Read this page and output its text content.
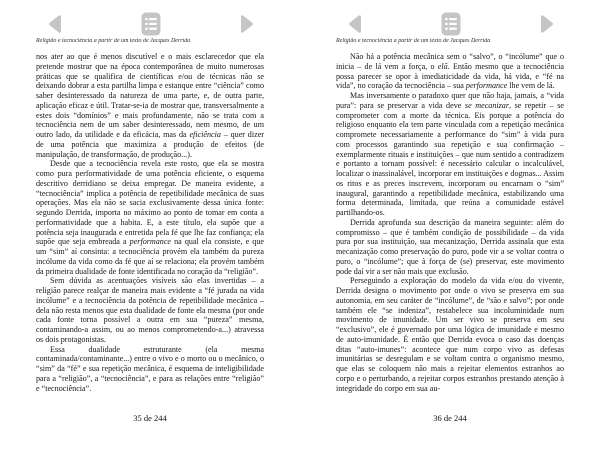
Religião e tecnociência a partir de um texto de Jacques Derrida

nos ater ao que é menos discutível e o mais esclarecedor que ela pretende mostrar que na época contemporânea de muito numerosas práticas que se qualifica de científicas e/ou de técnicas não se deixando dobrar a esta partilha limpa e estanque entre “ciência” como saber desinteressado da natureza de uma parte, e, de outra parte, aplicação eficaz e útil. Tratar-se-ia de mostrar que, transversalmente a estes dois “domínios” e mais profundamente, não se trata com a tecnociência nem de um saber desinteressado, nem mesmo, de um outro lado, da utilidade e da eficácia, mas da eficiência – quer dizer de uma potência que maximiza a produção de efeitos (de manipulação, de transformação, de produção...).

Desde que a tecnociência revela este rosto, que ela se mostra como pura performatividade de uma potência eficiente, o esquema descritivo derridiano se deixa empregar. De maneira evidente, a “tecnociência” implica a potência de repetibilidade mecânica de suas operações. Mas ela não se sacia exclusivamente dessa única fonte: segundo Derrida, importa no máximo ao ponto de tomar em conta a performatividade que a habita. E, a este título, ela supõe que a potência seja inaugurada e entretida pela fé que lhe faz confiança; ela supõe que seja embreada a performance na qual ela consiste, e que um “sim” aí consinta: a tecnociência provém ela também da pureza incólume da vida como da fé que aí se relaciona; ela provém também da primeira dualidade de fonte identificada no coração da “religião”.

Sem dúvida as acentuações visíveis são elas invertidas – a religião parece realçar de maneira mais evidente a “fé jurada na vida incólume” e a tecnociência da potência de repetibilidade mecânica – dela não resta menos que esta dualidade de fonte ela mesma (por onde cada fonte torna possível a outra em sua “pureza” mesma, contaminando-a assim, ou ao menos comprometendo-a...) atravessa os dois protagonistas.

Essa dualidade estruturante (ela mesma contaminada/contaminante...) entre o vivo e o morto ou o mecânico, o “sim” da “fé” e sua repetição mecânica, é esquema de inteligibilidade para a “religião”, a “tecnociência”, e para as relações entre “religião” e “tecnociência”.

35 de 244
Religião e tecnociência a partir de um texto de Jacques Derrida

Não há a potência mecânica sem o “salvo”, o “incólume” que o inicia – de lá vem a força, o elã. Então mesmo que a tecnociência possa parecer se opor à imediaticidade da vida, há vida, e “fé na vida”, no coração da tecnociência – sua performance lhe vem de lá.

Mas inversamente o paradoxo quer que não haja, jamais, a “vida pura”: para se preservar a vida deve se mecanizar, se repetir – se comprometer com a morte da técnica. Eis porque a potência do religioso enquanto ela tem parte vinculada com a repetição mecânica compromete necessariamente a performance do “sim” à vida pura com processos garantindo sua repetição e sua confirmação – exemplarmente rituais e instituições – que num sentido a contradizem e portanto a tornam possível: é necessário calcular o incalculável, localizar o inassinalável, incorporar em instituições e dogmas... Assim os ritos e as preces inscrevem, incorporam ou encarnam o “sim” inaugural, garantindo a repetibilidade mecânica, estabilizando uma forma determinada, limitada, que reúna a comunidade estável partilhando-os.

Derrida aprofunda sua descrição da maneira seguinte: além do compromisso – que é também condição de possibilidade – da vida pura por sua instituição, sua mecanização, Derrida assinala que esta mecanização como preservação do puro, pode vir a se voltar contra o puro, o “incólume”; que à força de (se) preservar, este movimento pode daí vir a ser não mais que exclusão.

Perseguindo a exploração do modelo da vida e/ou do vivente, Derrida designa o movimento por onde o vivo se preserva em sua autonomia, em seu caráter de “incólume”, de “são e salvo”; por onde também ele “se indeniza”, restabelece sua incoluminidade num movimento de imunidade. Um ser vivo se preserva em seu “exclusivo”, ele é governado por uma lógica de imunidade e mesmo de auto-imunidade. É então que Derrida evoca o caso das doenças ditas “auto-imunes”: acontece que num corpo vivo as defesas imunitárias se desregulam e se voltam contra o organismo mesmo, que elas se coloquem não mais a rejeitar elementos estranhos ao corpo e o perturbando, a rejeitar corpos estranhos prestando atenção à integridade do corpo em sua au-

36 de 244
